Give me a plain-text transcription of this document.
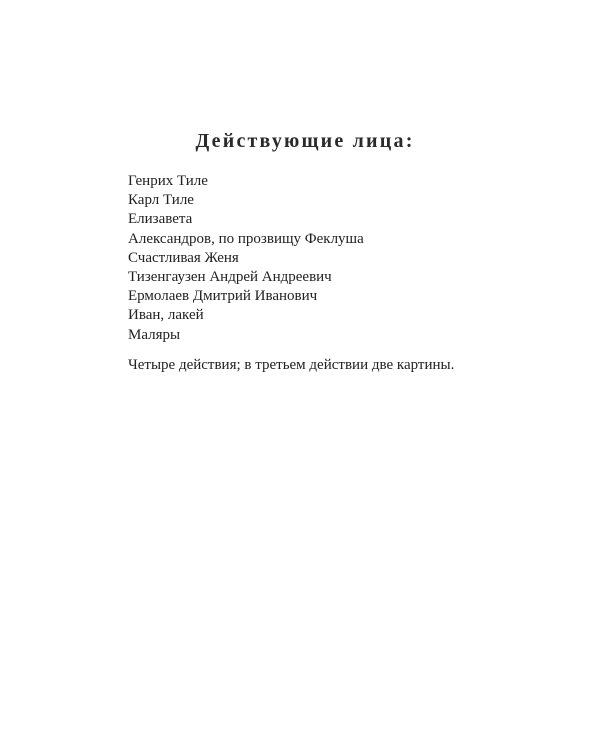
Действующие лица:
Генрих Тиле
Карл Тиле
Елизавета
Александров, по прозвищу Феклуша
Счастливая Женя
Тизенгаузен Андрей Андреевич
Ермолаев Дмитрий Иванович
Иван, лакей
Маляры

Четыре действия; в третьем действии две картины.
